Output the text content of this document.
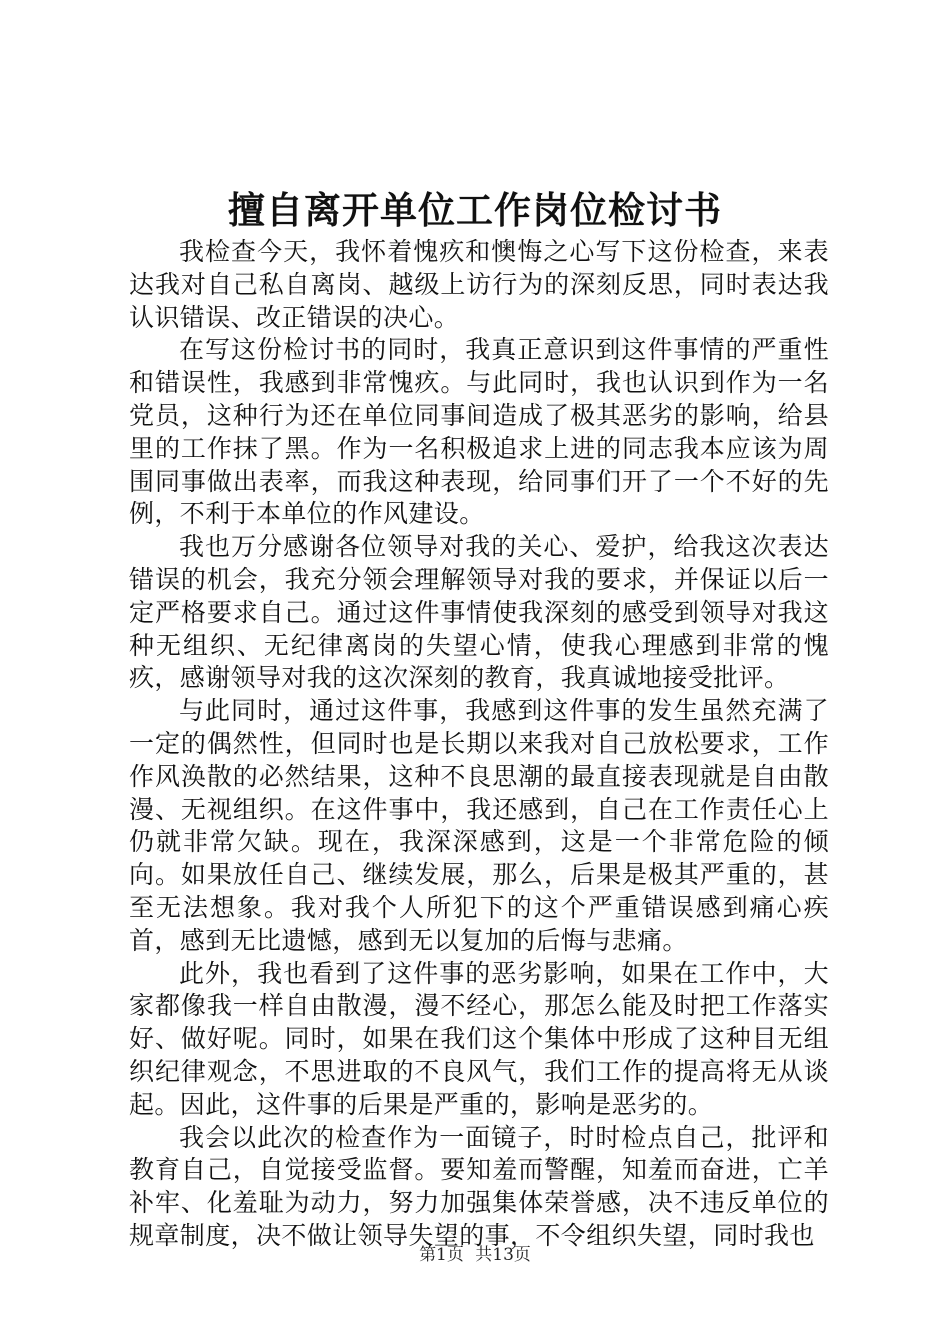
擅自离开单位工作岗位检讨书

我检查今天，我怀着愧疚和懊悔之心写下这份检查，来表达我对自己私自离岗、越级上访行为的深刻反思，同时表达我认识错误、改正错误的决心。

在写这份检讨书的同时，我真正意识到这件事情的严重性和错误性，我感到非常愧疚。与此同时，我也认识到作为一名党员，这种行为还在单位同事间造成了极其恶劣的影响，给县里的工作抹了黑。作为一名积极追求上进的同志我本应该为周围同事做出表率，而我这种表现，给同事们开了一个不好的先例，不利于本单位的作风建设。

我也万分感谢各位领导对我的关心、爱护，给我这次表达错误的机会，我充分领会理解领导对我的要求，并保证以后一定严格要求自己。通过这件事情使我深刻的感受到领导对我这种无组织、无纪律离岗的失望心情，使我心理感到非常的愧疚，感谢领导对我的这次深刻的教育，我真诚地接受批评。

与此同时，通过这件事，我感到这件事的发生虽然充满了一定的偶然性，但同时也是长期以来我对自己放松要求，工作作风涣散的必然结果，这种不良思潮的最直接表现就是自由散漫、无视组织。在这件事中，我还感到，自己在工作责任心上仍就非常欠缺。现在，我深深感到，这是一个非常危险的倾向。如果放任自己、继续发展，那么，后果是极其严重的，甚至无法想象。我对我个人所犯下的这个严重错误感到痛心疾首，感到无比遗憾，感到无以复加的后悔与悲痛。

此外，我也看到了这件事的恶劣影响，如果在工作中，大家都像我一样自由散漫，漫不经心，那怎么能及时把工作落实好、做好呢。同时，如果在我们这个集体中形成了这种目无组织纪律观念，不思进取的不良风气，我们工作的提高将无从谈起。因此，这件事的后果是严重的，影响是恶劣的。

我会以此次的检查作为一面镜子，时时检点自己，批评和教育自己，自觉接受监督。要知羞而警醒，知羞而奋进，亡羊补牢、化羞耻为动力，努力加强集体荣誉感，决不违反单位的规章制度，决不做让领导失望的事，不令组织失望，同时我也

第1页 共13页
